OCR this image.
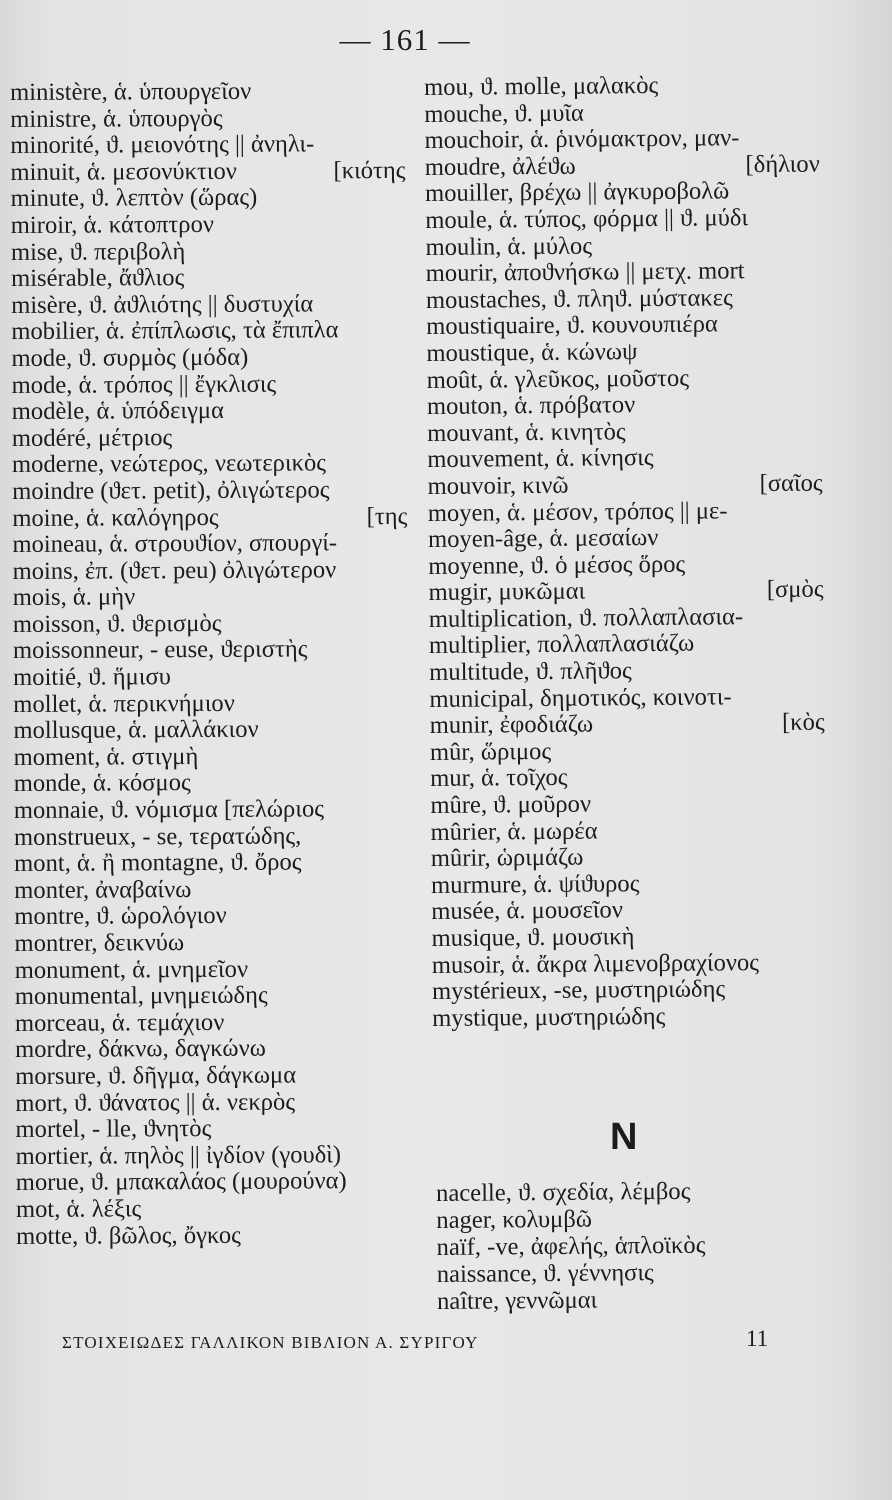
— 161 —
ministère, ἁ. ὑπουργεῖον
ministre, ἁ. ὑπουργὸς
minorité, ϑ. μειονότης || ἀνηλι-
minuit, ἁ. μεσονύκτιον	[κιότης
minute, ϑ. λεπτὸν (ὥρας)
miroir, ἁ. κάτοπτρον
mise, ϑ. περιβολὴ
misérable, ἄϑλιος
misère, ϑ. ἀϑλιότης || δυστυχία
mobilier, ἁ. ἐπίπλωσις, τὰ ἔπιπλα
mode, ϑ. συρμὸς (μόδα)
mode, ἁ. τρόπος || ἔγκλισις
modèle, ἁ. ὑπόδειγμα
modéré, μέτριος
moderne, νεώτερος, νεωτερικὸς
moindre (ϑετ. petit), ὀλιγώτερος
moine, ἁ. καλόγηρος	[της
moineau, ἁ. στρουϑίον, σπουργί-
moins, ἐπ. (ϑετ. peu) ὀλιγώτερον
mois, ἁ. μὴν
moisson, ϑ. ϑερισμὸς
moissonneur, - euse, ϑεριστὴς
moitié, ϑ. ἥμισυ
mollet, ἁ. περικνήμιον
mollusque, ἁ. μαλλάκιον
moment, ἁ. στιγμὴ
monde, ἁ. κόσμος
monnaie, ϑ. νόμισμα [πελώριος
monstrueux, - se, τερατώδης,
mont, ἁ. ἢ montagne, ϑ. ὄρος
monter, ἀναβαίνω
montre, ϑ. ὡρολόγιον
montrer, δεικνύω
monument, ἁ. μνημεῖον
monumental, μνημειώδης
morceau, ἁ. τεμάχιον
mordre, δάκνω, δαγκώνω
morsure, ϑ. δῆγμα, δάγκωμα
mort, ϑ. ϑάνατος || ἁ. νεκρὸς
mortel, - lle, ϑνητὸς
mortier, ἁ. πηλὸς || ἰγδίον (γουδὶ)
morue, ϑ. μπακαλάος (μουρούνα)
mot, ἁ. λέξις
motte, ϑ. βῶλος, ὄγκος
mou, ϑ. molle, μαλακὸς
mouche, ϑ. μυῖα
mouchoir, ἁ. ῥινόμακτρον, μαν-
moudre, ἀλέϑω	[δήλιον
mouiller, βρέχω || ἀγκυροβολῶ
moule, ἁ. τύπος, φόρμα || ϑ. μύδι
moulin, ἁ. μύλος
mourir, ἀποϑνήσκω || μετχ. mort
moustaches, ϑ. πληϑ. μύστακες
moustiquaire, ϑ. κουνουπιέρα
moustique, ἁ. κώνωψ
moût, ἁ. γλεῦκος, μοῦστος
mouton, ἁ. πρόβατον
mouvant, ἁ. κινητὸς
mouvement, ἁ. κίνησις
mouvoir, κινῶ	[σαῖος
moyen, ἁ. μέσον, τρόπος || με-
moyen-âge, ἁ. μεσαίων
moyenne, ϑ. ὁ μέσος ὅρος
mugir, μυκῶμαι	[σμὸς
multiplication, ϑ. πολλαπλασια-
multiplier, πολλαπλασιάζω
multitude, ϑ. πλῆϑος
municipal, δημοτικός, κοινοτι-
munir, ἐφοδιάζω	[κὸς
mûr, ὥριμος
mur, ἁ. τοῖχος
mûre, ϑ. μοῦρον
mûrier, ἁ. μωρέα
mûrir, ὡριμάζω
murmure, ἁ. ψίϑυρος
musée, ἁ. μουσεῖον
musique, ϑ. μουσικὴ
musoir, ἁ. ἄκρα λιμενοβραχίονος
mystérieux, -se, μυστηριώδης
mystique, μυστηριώδης
N
nacelle, ϑ. σχεδία, λέμβος
nager, κολυμβῶ
naïf, -ve, ἀφελής, ἁπλοϊκὸς
naissance, ϑ. γέννησις
naître, γεννῶμαι
ΣΤΟΙΧΕΙΩΔΕΣ ΓΑΛΛΙΚΟΝ ΒΙΒΛΙΟΝ Α. ΣΥΡΙΓΟΥ	11
